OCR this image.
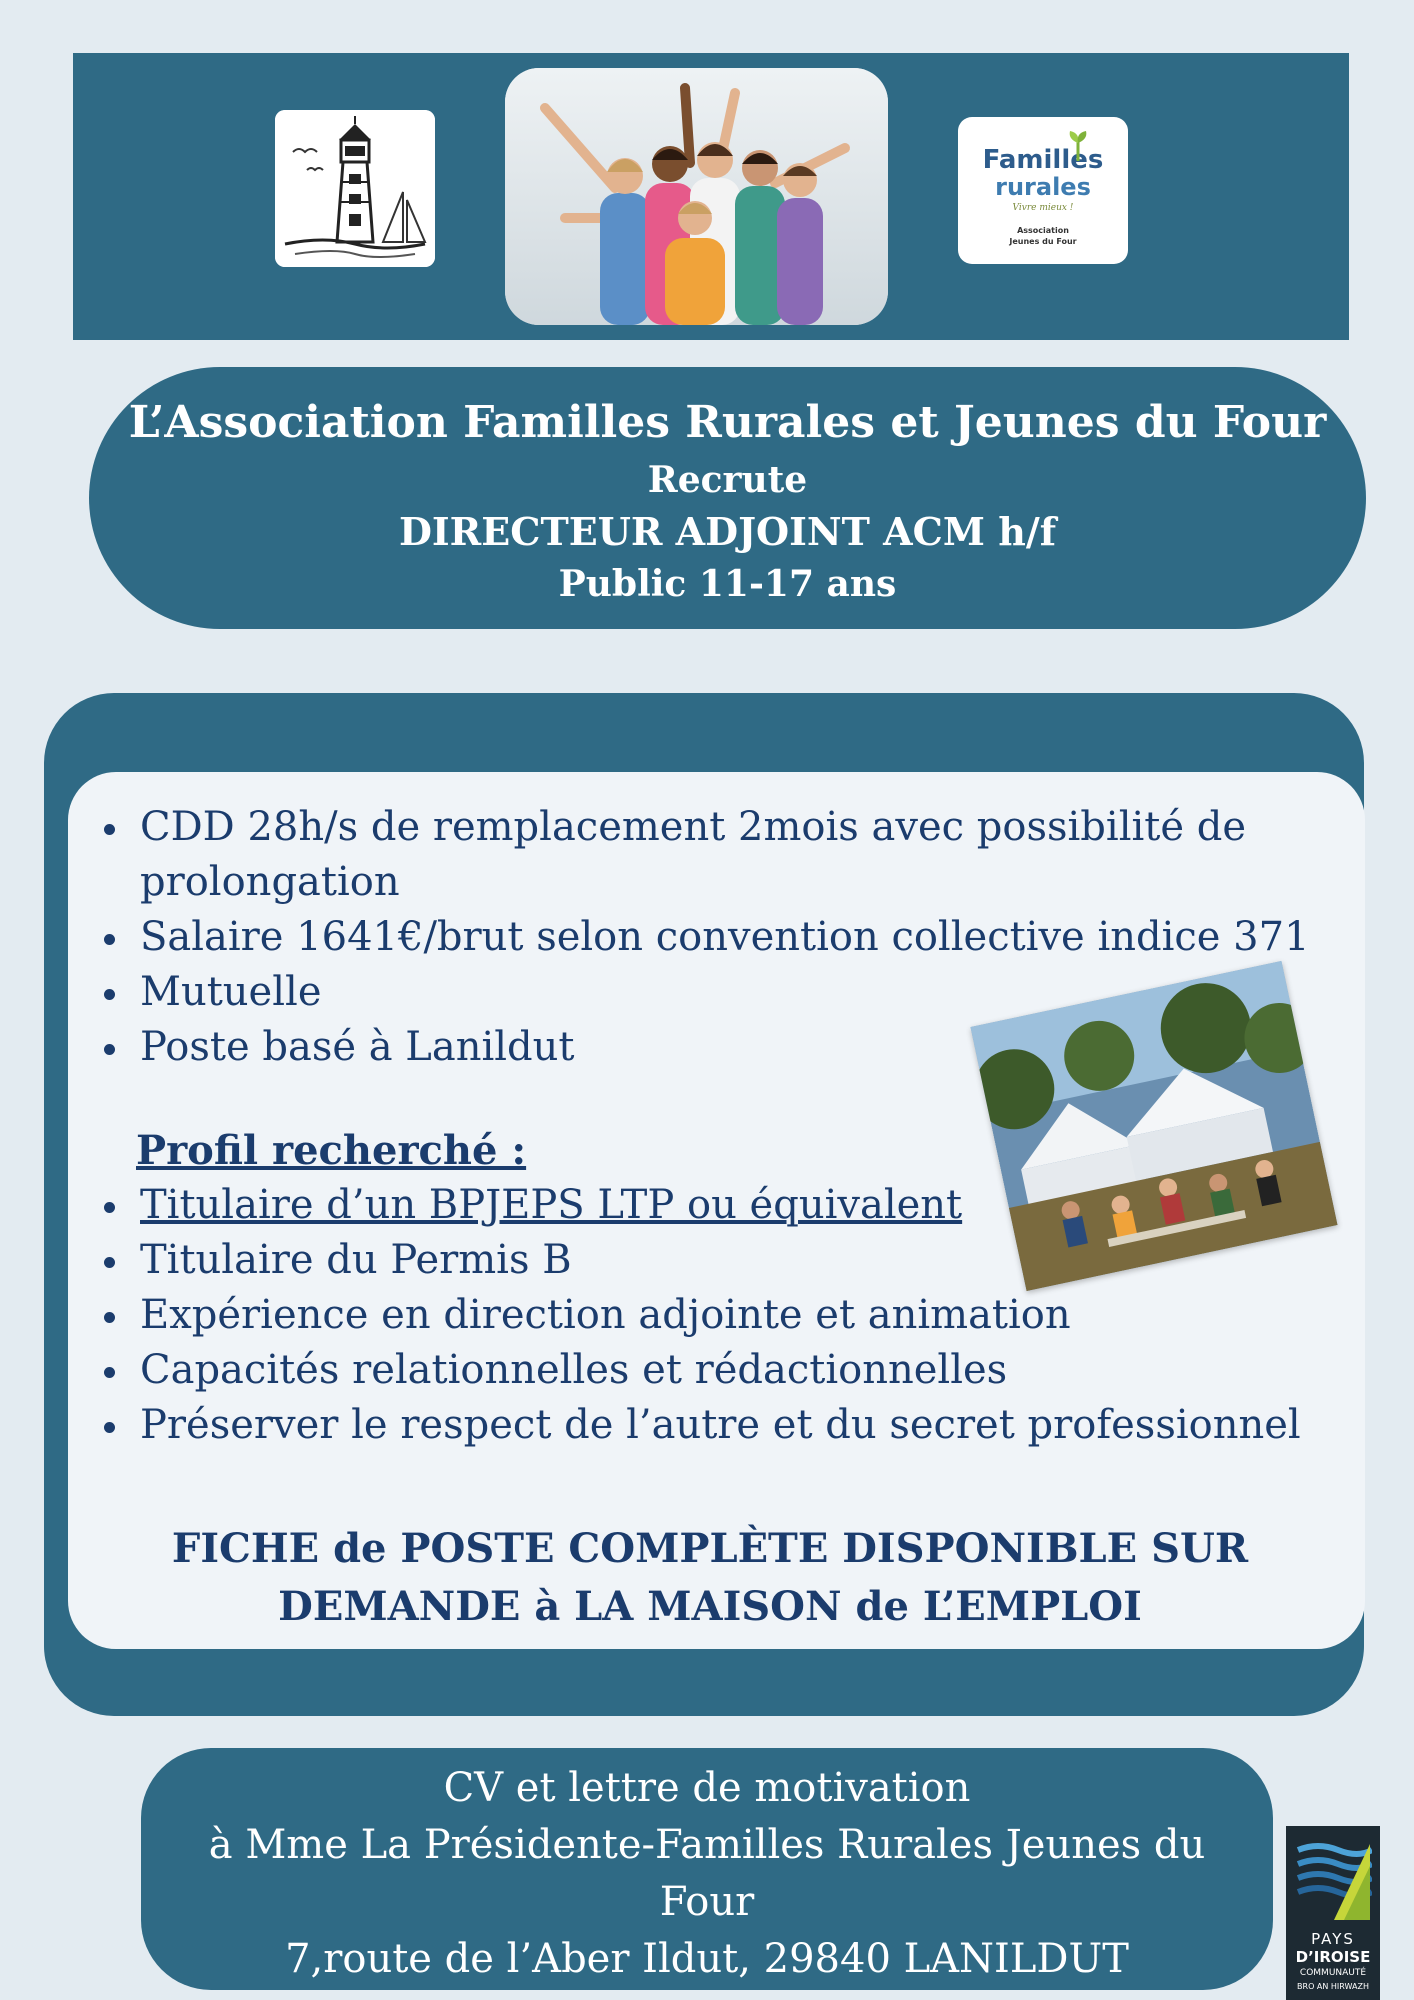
Familles
rurales
Vivre mieux !
Association
Jeunes du Four
L’Association Familles Rurales et Jeunes du Four
Recrute
DIRECTEUR ADJOINT ACM h/f
Public 11-17 ans
CDD 28h/s de remplacement 2mois avec possibilité de prolongation
Salaire 1641€/brut selon convention collective indice 371
Mutuelle
Poste basé à Lanildut
Profil recherché :
Titulaire d’un BPJEPS LTP ou équivalent
Titulaire du Permis B
Expérience en direction adjointe et animation
Capacités relationnelles et rédactionnelles
Préserver le respect de l’autre et du secret professionnel
FICHE de POSTE COMPLÈTE DISPONIBLE SUR
DEMANDE à LA MAISON de L’EMPLOI
CV et lettre de motivation
à Mme La Présidente-Familles Rurales Jeunes du
Four
7,route de l’Aber Ildut, 29840 LANILDUT	PAYS
D’IROISE
COMMUNAUTÉ
BRO AN HIRWAZH
